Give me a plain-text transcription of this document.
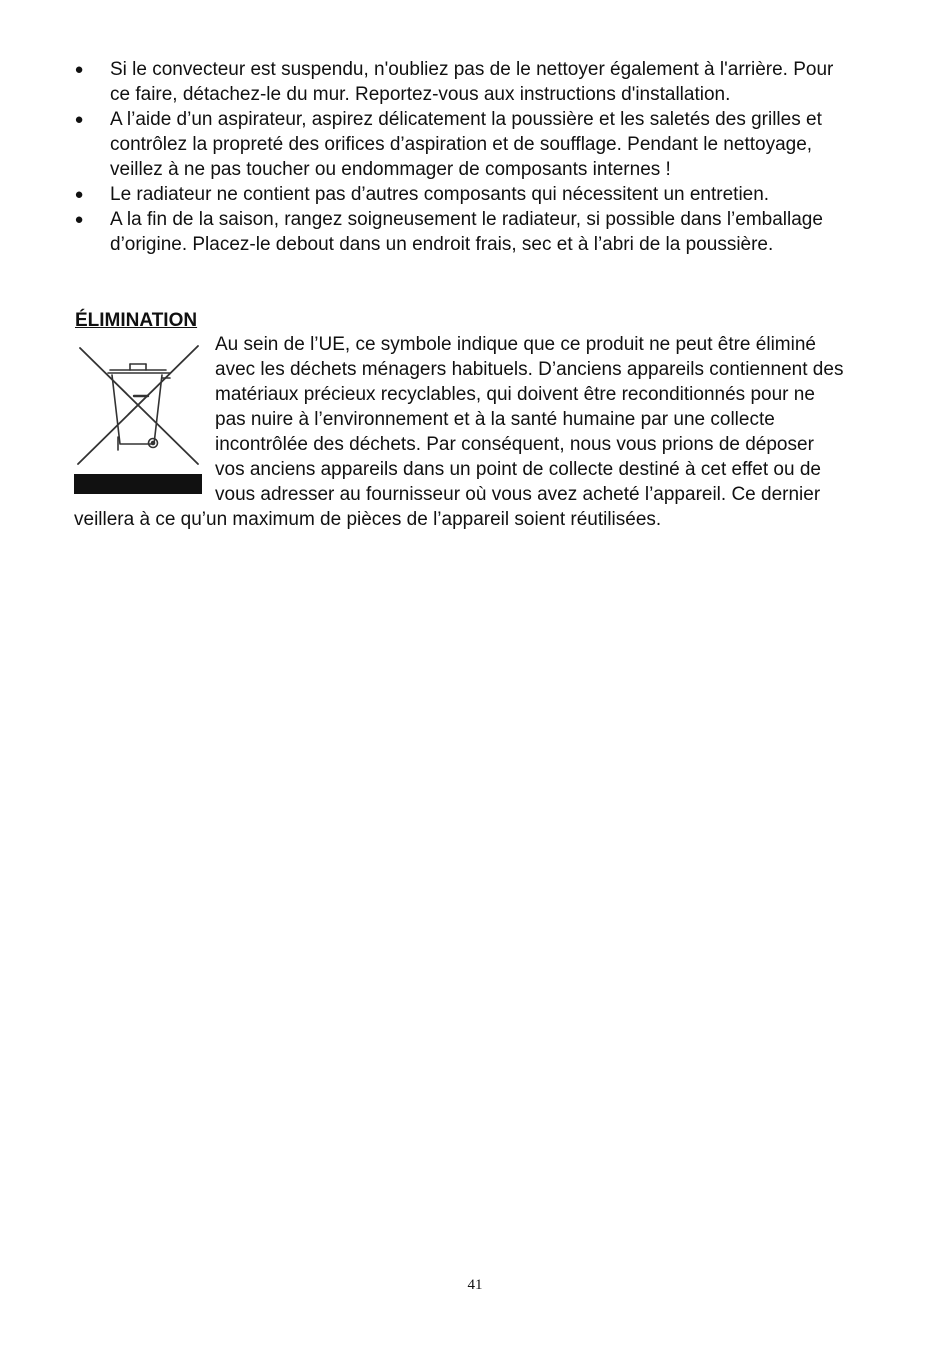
● Si le convecteur est suspendu, n'oubliez pas de le nettoyer également à l'arrière. Pour ce faire, détachez-le du mur. Reportez-vous aux instructions d'installation.
● A l’aide d’un aspirateur, aspirez délicatement la poussière et les saletés des grilles et contrôlez la propreté des orifices d’aspiration et de soufflage. Pendant le nettoyage, veillez à ne pas toucher ou endommager de composants internes !
● Le radiateur ne contient pas d’autres composants qui nécessitent un entretien.
● A la fin de la saison, rangez soigneusement le radiateur, si possible dans l’emballage d’origine. Placez-le debout dans un endroit frais, sec et à l’abri de la poussière.
ÉLIMINATION

Au sein de l’UE, ce symbole indique que ce produit ne peut être éliminé avec les déchets ménagers habituels. D’anciens appareils contiennent des matériaux précieux recyclables, qui doivent être reconditionnés pour ne pas nuire à l’environnement et à la santé humaine par une collecte incontrôlée des déchets. Par conséquent, nous vous prions de déposer vos anciens appareils dans un point de collecte destiné à cet effet ou de vous adresser au fournisseur où vous avez acheté l’appareil. Ce dernier veillera à ce qu’un maximum de pièces de l’appareil soient réutilisées.

41
